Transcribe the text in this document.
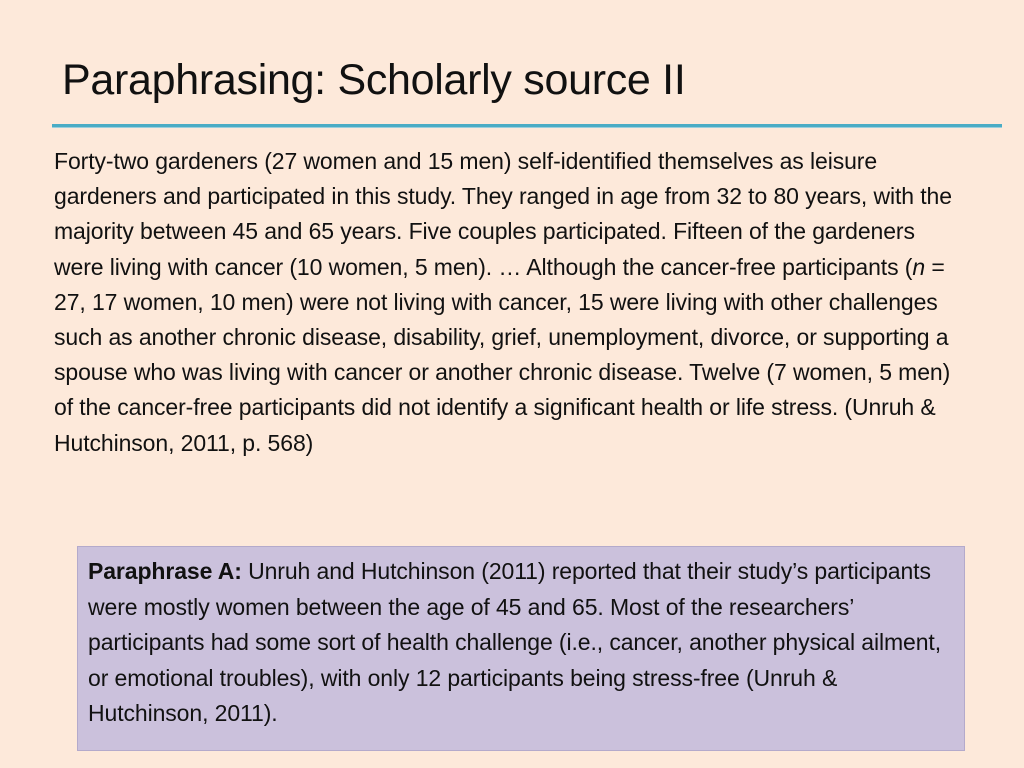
Paraphrasing: Scholarly source II

Forty-two gardeners (27 women and 15 men) self-identified themselves as leisure gardeners and participated in this study. They ranged in age from 32 to 80 years, with the majority between 45 and 65 years. Five couples participated. Fifteen of the gardeners were living with cancer (10 women, 5 men). … Although the cancer-free participants (n = 27, 17 women, 10 men) were not living with cancer, 15 were living with other challenges such as another chronic disease, disability, grief, unemployment, divorce, or supporting a spouse who was living with cancer or another chronic disease. Twelve (7 women, 5 men) of the cancer-free participants did not identify a significant health or life stress. (Unruh & Hutchinson, 2011, p. 568)

Paraphrase A: Unruh and Hutchinson (2011) reported that their study’s participants were mostly women between the age of 45 and 65. Most of the researchers’ participants had some sort of health challenge (i.e., cancer, another physical ailment, or emotional troubles), with only 12 participants being stress-free (Unruh & Hutchinson, 2011).
